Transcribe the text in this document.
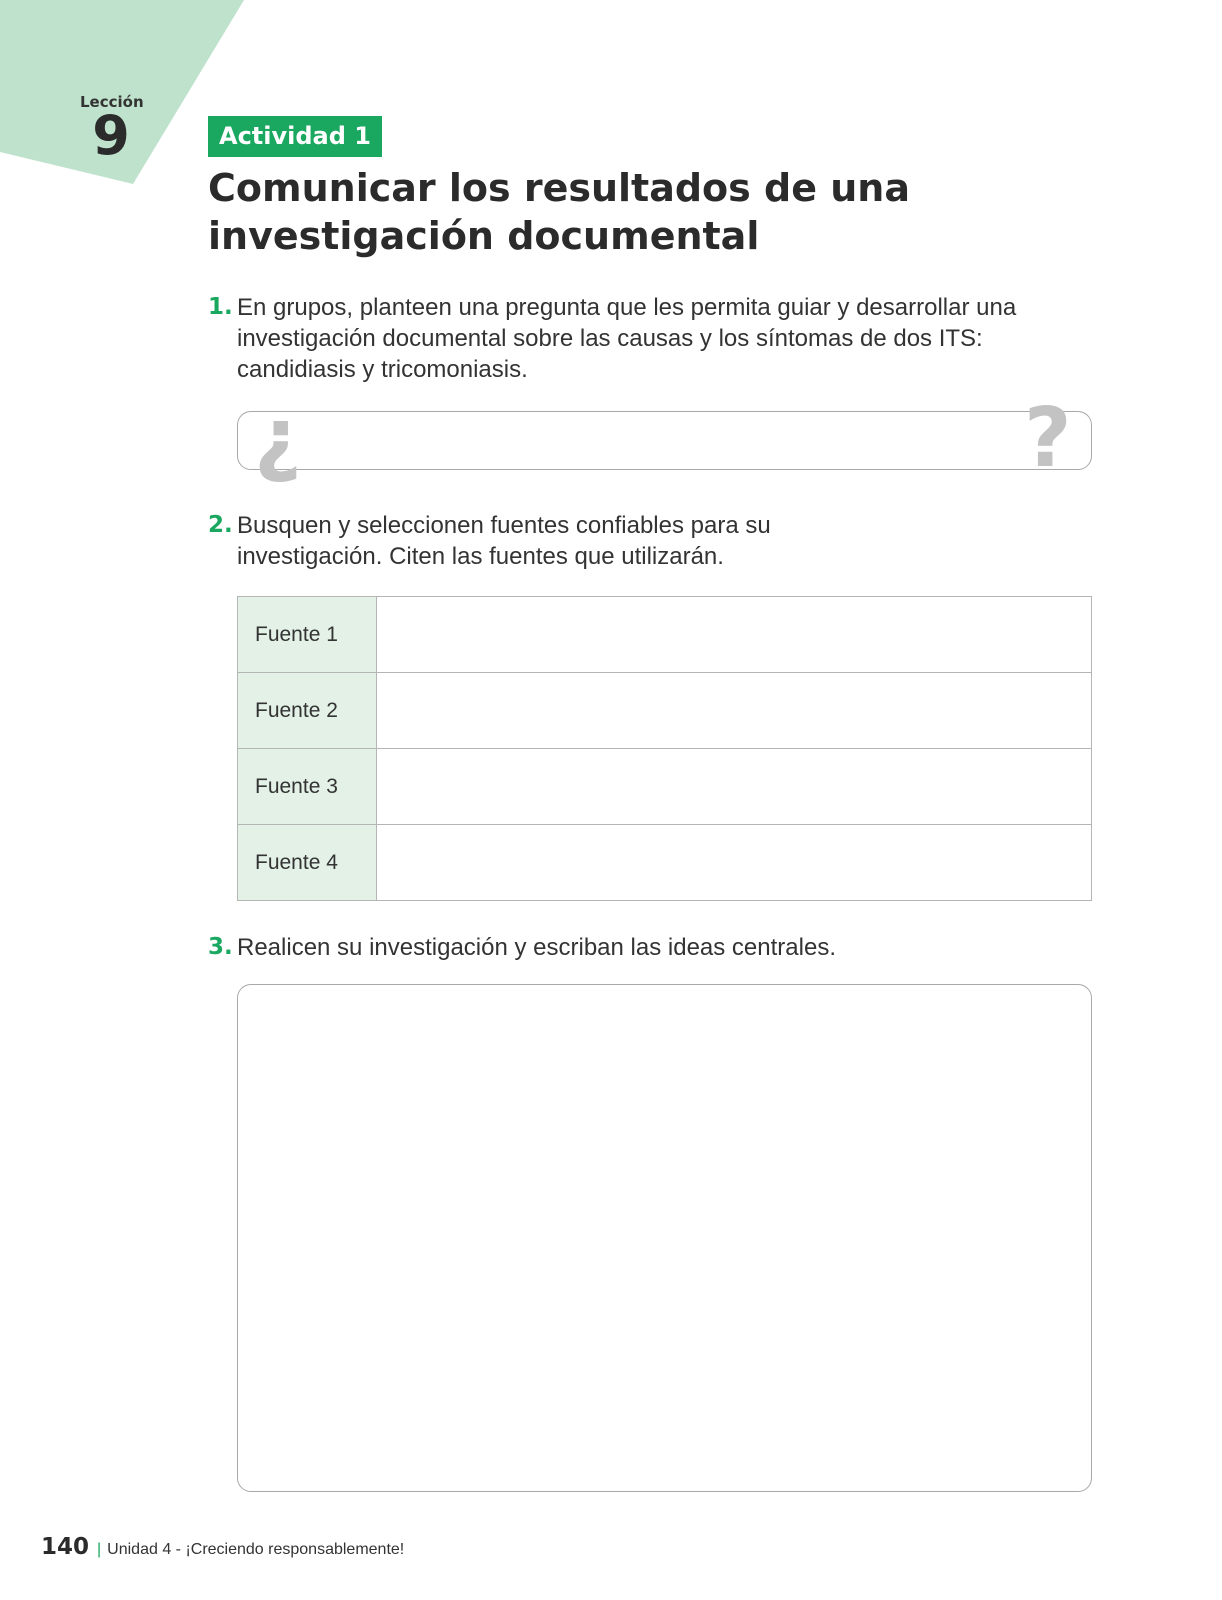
Lección
9	Actividad 1
Comunicar los resultados de una investigación documental
1. En grupos, planteen una pregunta que les permita guiar y desarrollar una investigación documental sobre las causas y los síntomas de dos ITS: candidiasis y tricomoniasis.
¿	?
2. Busquen y seleccionen fuentes confiables para su investigación. Citen las fuentes que utilizarán.
Fuente 1	
Fuente 2	
Fuente 3	
Fuente 4	
3. Realicen su investigación y escriban las ideas centrales.
140 | Unidad 4 - ¡Creciendo responsablemente!
